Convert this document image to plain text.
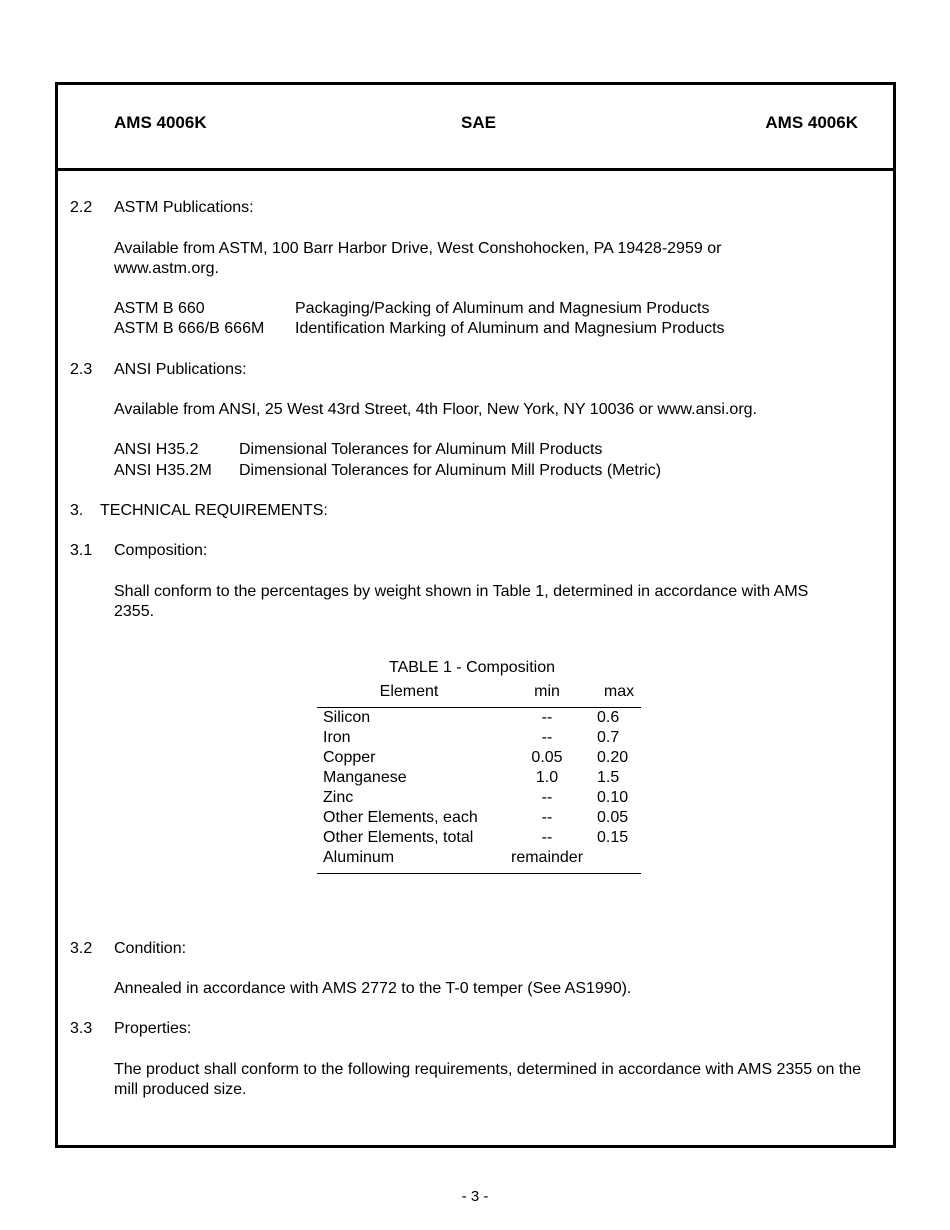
AMS 4006K	SAE	AMS 4006K
2.2 ASTM Publications:
Available from ASTM, 100 Barr Harbor Drive, West Conshohocken, PA 19428-2959 or www.astm.org.
ASTM B 660	Packaging/Packing of Aluminum and Magnesium Products
ASTM B 666/B 666M Identification Marking of Aluminum and Magnesium Products
2.3 ANSI Publications:
Available from ANSI, 25 West 43rd Street, 4th Floor, New York, NY 10036 or www.ansi.org.
ANSI H35.2	Dimensional Tolerances for Aluminum Mill Products
ANSI H35.2M Dimensional Tolerances for Aluminum Mill Products (Metric)
3. TECHNICAL REQUIREMENTS:
3.1 Composition:
Shall conform to the percentages by weight shown in Table 1, determined in accordance with AMS 2355.
TABLE 1 - Composition
Element	min	max
Silicon	--	0.6
Iron	--	0.7
Copper	0.05	0.20
Manganese	1.0	1.5
Zinc	--	0.10
Other Elements, each	--	0.05
Other Elements, total	--	0.15
Aluminum	remainder	
3.2 Condition:
Annealed in accordance with AMS 2772 to the T-0 temper (See AS1990).
3.3 Properties:
The product shall conform to the following requirements, determined in accordance with AMS 2355 on the mill produced size.
- 3 -
